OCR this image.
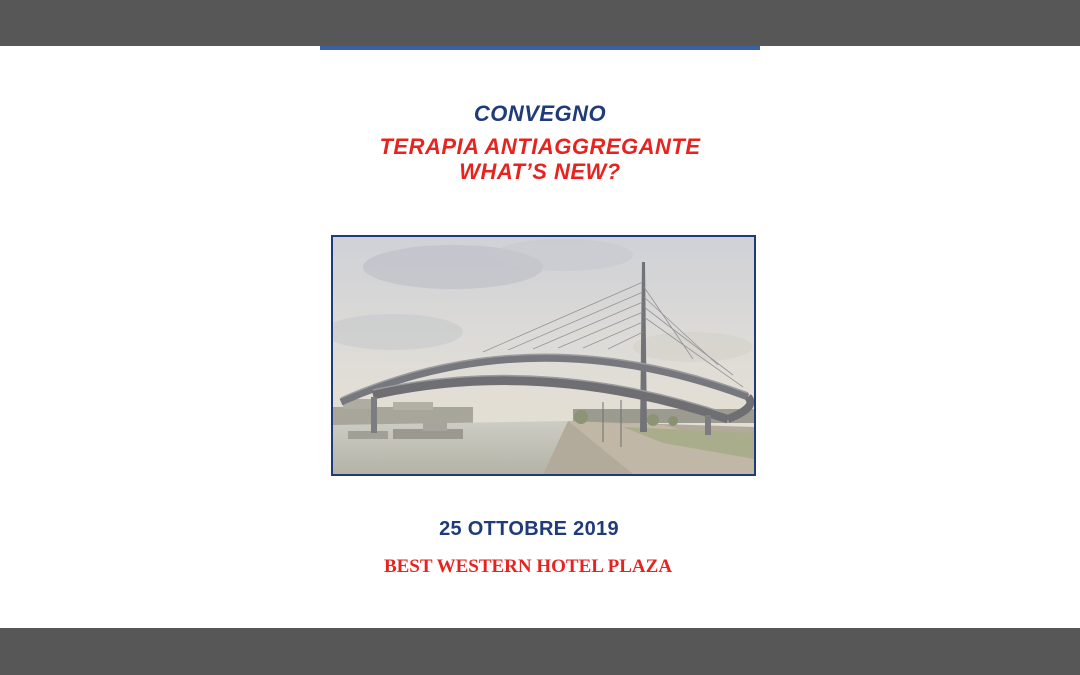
CONVEGNO
TERAPIA ANTIAGGREGANTE
WHAT’S NEW?
25 OTTOBRE 2019
BEST WESTERN HOTEL PLAZA
